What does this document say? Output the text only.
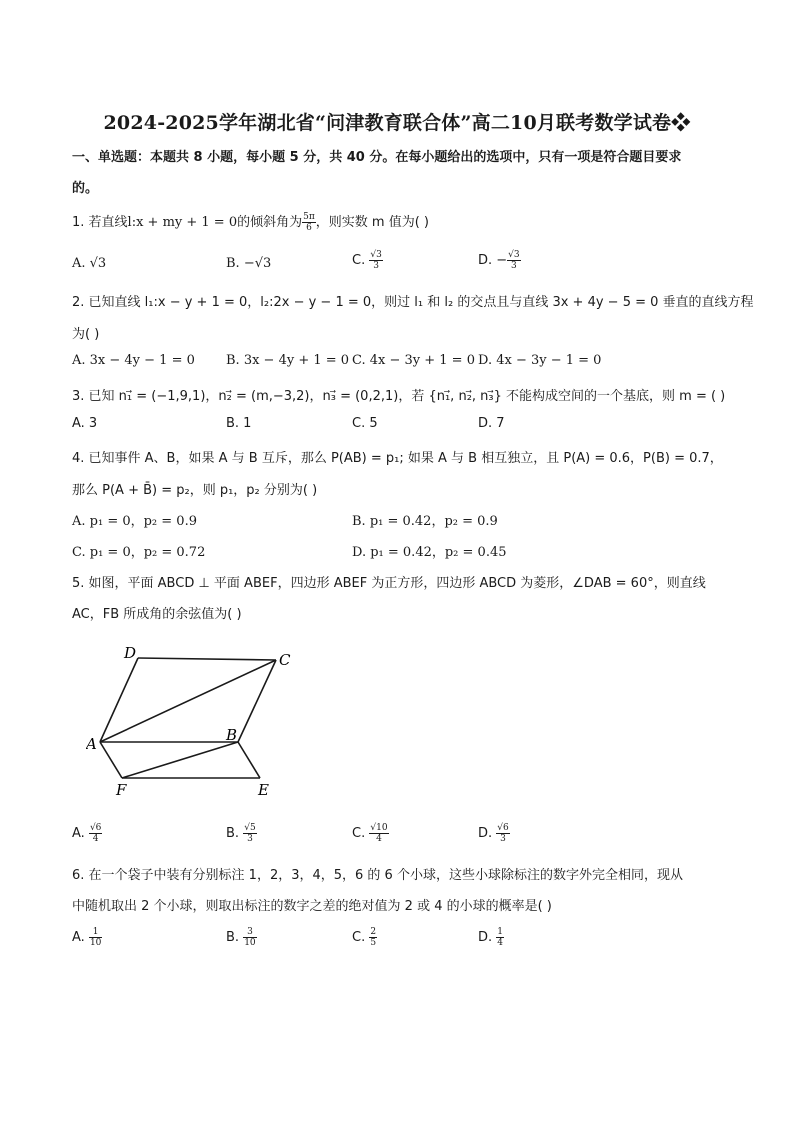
2024-2025学年湖北省“问津教育联合体”高二10月联考数学试卷❖
一、单选题：本题共 8 小题，每小题 5 分，共 40 分。在每小题给出的选项中，只有一项是符合题目要求
的。
1. 若直线l:x + my + 1 = 0的倾斜角为 $\frac{5\pi}{6}$ ，则实数 m 值为( )
A. √3	B. −√3	C. $\frac{√3}{3}$	D. − $\frac{√3}{3}$
2. 已知直线 l₁:x − y + 1 = 0，l₂:2x − y − 1 = 0，则过 l₁ 和 l₂ 的交点且与直线 3x + 4y − 5 = 0 垂直的直线方程
为( )
A. 3x − 4y − 1 = 0 B. 3x − 4y + 1 = 0 C. 4x − 3y + 1 = 0 D. 4x − 3y − 1 = 0
3. 已知 n₁⃗ = (−1,9,1)，n₂⃗ = (m,−3,2)，n₃⃗ = (0,2,1)，若 {n₁⃗, n₂⃗, n₃⃗} 不能构成空间的一个基底，则 m = ( )
A. 3	B. 1	C. 5	D. 7
4. 已知事件 A、B，如果 A 与 B 互斥，那么 P(AB) = p₁; 如果 A 与 B 相互独立，且 P(A) = 0.6，P(B) = 0.7，
那么 P(A + B̄) = p₂，则 p₁，p₂ 分别为( )
A. p₁ = 0，p₂ = 0.9	B. p₁ = 0.42，p₂ = 0.9
C. p₁ = 0，p₂ = 0.72	D. p₁ = 0.42，p₂ = 0.45
5. 如图，平面 ABCD ⊥ 平面 ABEF，四边形 ABEF 为正方形，四边形 ABCD 为菱形，∠DAB = 60°，则直线
AC，FB 所成角的余弦值为( )
D	C
A	B
F	E
A. $\frac{√6}{4}$	B. $\frac{√5}{3}$	C. $\frac{√10}{4}$	D. $\frac{√6}{3}$
6. 在一个袋子中装有分别标注 1，2，3，4，5，6 的 6 个小球，这些小球除标注的数字外完全相同，现从
中随机取出 2 个小球，则取出标注的数字之差的绝对值为 2 或 4 的小球的概率是( )
A. $\frac{1}{10}$	B. $\frac{3}{10}$	C. $\frac{2}{5}$	D. $\frac{1}{4}$
